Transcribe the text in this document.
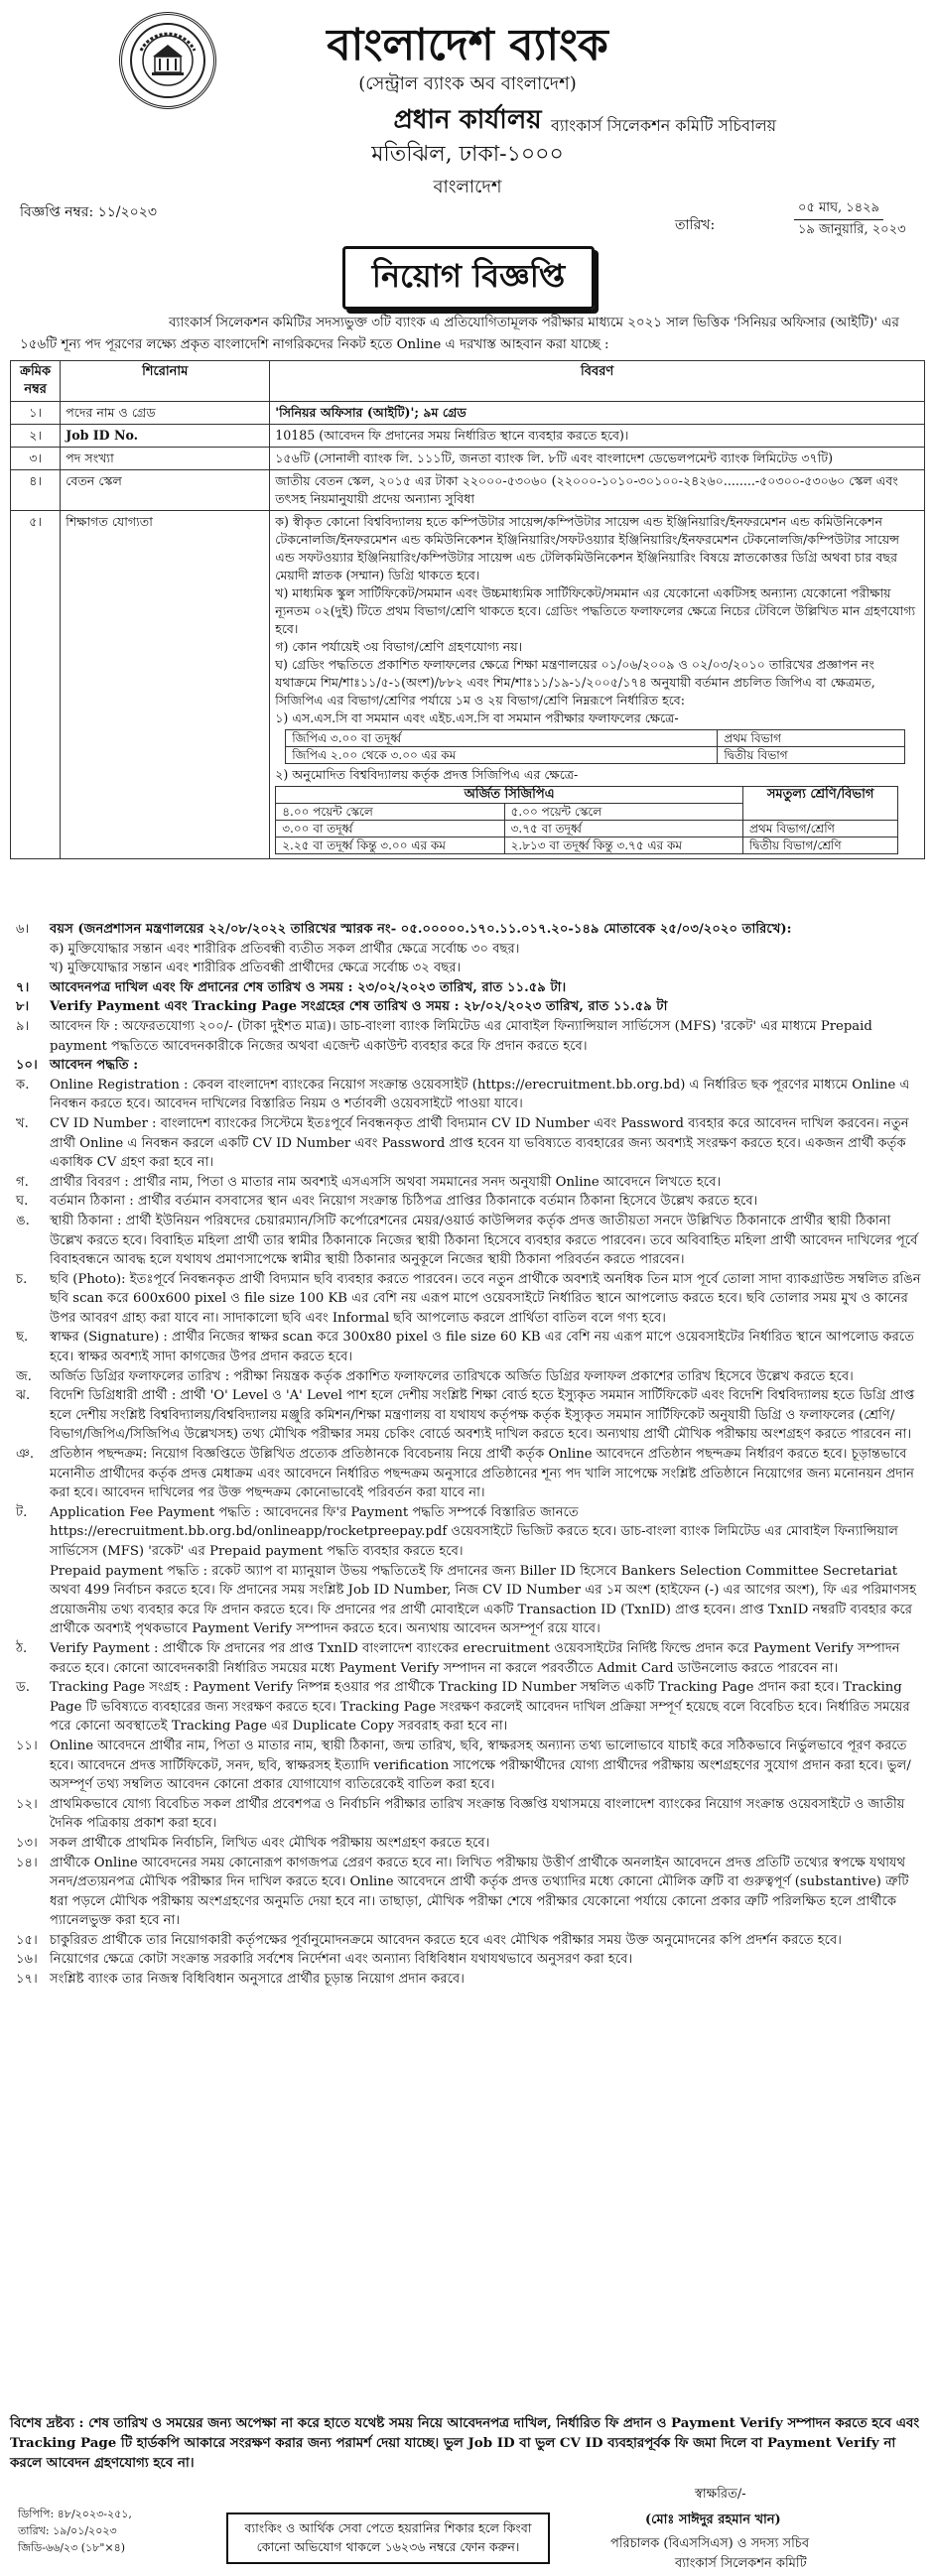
বাংলাদেশ ব্যাংক
(সেন্ট্রাল ব্যাংক অব বাংলাদেশ)
প্রধান কার্যালয়
মতিঝিল, ঢাকা-১০০০
বাংলাদেশ
ব্যাংকার্স সিলেকশন কমিটি সচিবালয়
বিজ্ঞপ্তি নম্বর: ১১/২০২৩
তারিখ:
০৫ মাঘ, ১৪২৯
১৯ জানুয়ারি, ২০২৩
নিয়োগ বিজ্ঞপ্তি
ব্যাংকার্স সিলেকশন কমিটির সদস্যভুক্ত ৩টি ব্যাংক এ প্রতিযোগিতামূলক পরীক্ষার মাধ্যমে ২০২১ সাল ভিত্তিক 'সিনিয়র অফিসার (আইটি)' এর ১৫৬টি শূন্য পদ পূরণের লক্ষ্যে প্রকৃত বাংলাদেশি নাগরিকদের নিকট হতে Online এ দরখাস্ত আহবান করা যাচ্ছে :
ক্রমিক নম্বর	শিরোনাম	বিবরণ
১।	পদের নাম ও গ্রেড	'সিনিয়র অফিসার (আইটি)'; ৯ম গ্রেড
২।	Job ID No.	10185 (আবেদন ফি প্রদানের সময় নির্ধারিত স্থানে ব্যবহার করতে হবে)।
৩।	পদ সংখ্যা	১৫৬টি (সোনালী ব্যাংক লি. ১১১টি, জনতা ব্যাংক লি. ৮টি এবং বাংলাদেশ ডেভেলপমেন্ট ব্যাংক লিমিটেড ৩৭টি)
৪।	বেতন স্কেল	জাতীয় বেতন স্কেল, ২০১৫ এর টাকা ২২০০০-৫৩০৬০ (২২০০০-১০১০-৩০১০০-২৪২৬০........-৫০৩০০-৫৩০৬০ স্কেল এবং তৎসহ নিয়মানুযায়ী প্রদেয় অন্যান্য সুবিধা
৫।	শিক্ষাগত যোগ্যতা	ক) স্বীকৃত কোনো বিশ্ববিদ্যালয় হতে কম্পিউটার সায়েন্স/কম্পিউটার সায়েন্স এন্ড ইঞ্জিনিয়ারিং/ইনফরমেশন এন্ড কমিউনিকেশন টেকনোলজি/ইনফরমেশন এন্ড কমিউনিকেশন ইঞ্জিনিয়ারিং/সফটওয়্যার ইঞ্জিনিয়ারিং/ইনফরমেশন টেকনোলজি/কম্পিউটার সায়েন্স এন্ড সফটওয়্যার ইঞ্জিনিয়ারিং/কম্পিউটার সায়েন্স এন্ড টেলিকমিউনিকেশন ইঞ্জিনিয়ারিং বিষয়ে স্নাতকোত্তর ডিগ্রি অথবা চার বছর মেয়াদী স্নাতক (সম্মান) ডিগ্রি থাকতে হবে।
খ) মাধ্যমিক স্কুল সার্টিফিকেট/সমমান এবং উচ্চমাধ্যমিক সার্টিফিকেট/সমমান এর যেকোনো একটিসহ অন্যান্য যেকোনো পরীক্ষায় ন্যূনতম ০২(দুই) টিতে প্রথম বিভাগ/শ্রেণি থাকতে হবে। গ্রেডিং পদ্ধতিতে ফলাফলের ক্ষেত্রে নিচের টেবিলে উল্লিখিত মান গ্রহণযোগ্য হবে।
গ) কোন পর্যায়েই ৩য় বিভাগ/শ্রেণি গ্রহণযোগ্য নয়।
ঘ) গ্রেডিং পদ্ধতিতে প্রকাশিত ফলাফলের ক্ষেত্রে শিক্ষা মন্ত্রণালয়ের ০১/০৬/২০০৯ ও ০২/০৩/২০১০ তারিখের প্রজ্ঞাপন নং যথাক্রমে শিম/শাঃ১১/৫-১(অংশ)/৮৮২ এবং শিম/শাঃ১১/১৯-১/২০০৫/১৭৪ অনুযায়ী বর্তমান প্রচলিত জিপিএ বা ক্ষেত্রমত, সিজিপিএ এর বিভাগ/শ্রেণির পর্যায়ে ১ম ও ২য় বিভাগ/শ্রেণি নিম্নরূপে নির্ধারিত হবে:
১) এস.এস.সি বা সমমান এবং এইচ.এস.সি বা সমমান পরীক্ষার ফলাফলের ক্ষেত্রে-
জিপিএ ৩.০০ বা তদূর্ধ্ব	প্রথম বিভাগ
জিপিএ ২.০০ থেকে ৩.০০ এর কম	দ্বিতীয় বিভাগ
২) অনুমোদিত বিশ্ববিদ্যালয় কর্তৃক প্রদত্ত সিজিপিএ এর ক্ষেত্রে-
অর্জিত সিজিপিএ	সমতুল্য শ্রেণি/বিভাগ
৪.০০ পয়েন্ট স্কেলে	৫.০০ পয়েন্ট স্কেলে
৩.০০ বা তদূর্ধ্ব	৩.৭৫ বা তদূর্ধ্ব	প্রথম বিভাগ/শ্রেণি
২.২৫ বা তদূর্ধ্ব কিন্তু ৩.০০ এর কম	২.৮১৩ বা তদূর্ধ্ব কিন্তু ৩.৭৫ এর কম	দ্বিতীয় বিভাগ/শ্রেণি
৬। বয়স (জনপ্রশাসন মন্ত্রণালয়ের ২২/০৮/২০২২ তারিখের স্মারক নং- ০৫.০০০০০.১৭০.১১.০১৭.২০-১৪৯ মোতাবেক ২৫/০৩/২০২০ তারিখে):
ক) মুক্তিযোদ্ধার সন্তান এবং শারীরিক প্রতিবন্ধী ব্যতীত সকল প্রার্থীর ক্ষেত্রে সর্বোচ্চ ৩০ বছর।
খ) মুক্তিযোদ্ধার সন্তান এবং শারীরিক প্রতিবন্ধী প্রার্থীদের ক্ষেত্রে সর্বোচ্চ ৩২ বছর।
৭। আবেদনপত্র দাখিল এবং ফি প্রদানের শেষ তারিখ ও সময় : ২৩/০২/২০২৩ তারিখ, রাত ১১.৫৯ টা।
৮। Verify Payment এবং Tracking Page সংগ্রহের শেষ তারিখ ও সময় : ২৮/০২/২০২৩ তারিখ, রাত ১১.৫৯ টা
৯। আবেদন ফি : অফেরতযোগ্য ২০০/- (টাকা দুইশত মাত্র)। ডাচ-বাংলা ব্যাংক লিমিটেড এর মোবাইল ফিন্যান্সিয়াল সার্ভিসেস (MFS) 'রকেট' এর মাধ্যমে Prepaid payment পদ্ধতিতে আবেদনকারীকে নিজের অথবা এজেন্ট একাউন্ট ব্যবহার করে ফি প্রদান করতে হবে।
১০। আবেদন পদ্ধতি :
ক. Online Registration : কেবল বাংলাদেশ ব্যাংকের নিয়োগ সংক্রান্ত ওয়েবসাইট (https://erecruitment.bb.org.bd) এ নির্ধারিত ছক পূরণের মাধ্যমে Online এ নিবন্ধন করতে হবে। আবেদন দাখিলের বিস্তারিত নিয়ম ও শর্তাবলী ওয়েবসাইটে পাওয়া যাবে।
খ. CV ID Number : বাংলাদেশ ব্যাংকের সিস্টেমে ইতঃপূর্বে নিবন্ধনকৃত প্রার্থী বিদ্যমান CV ID Number এবং Password ব্যবহার করে আবেদন দাখিল করবেন। নতুন প্রার্থী Online এ নিবন্ধন করলে একটি CV ID Number এবং Password প্রাপ্ত হবেন যা ভবিষ্যতে ব্যবহারের জন্য অবশ্যই সংরক্ষণ করতে হবে। একজন প্রার্থী কর্তৃক একাধিক CV গ্রহণ করা হবে না।
গ. প্রার্থীর বিবরণ : প্রার্থীর নাম, পিতা ও মাতার নাম অবশ্যই এসএসসি অথবা সমমানের সনদ অনুযায়ী Online আবেদনে লিখতে হবে।
ঘ. বর্তমান ঠিকানা : প্রার্থীর বর্তমান বসবাসের স্থান এবং নিয়োগ সংক্রান্ত চিঠিপত্র প্রাপ্তির ঠিকানাকে বর্তমান ঠিকানা হিসেবে উল্লেখ করতে হবে।
ঙ. স্থায়ী ঠিকানা : প্রার্থী ইউনিয়ন পরিষদের চেয়ারম্যান/সিটি কর্পোরেশনের মেয়র/ওয়ার্ড কাউন্সিলর কর্তৃক প্রদত্ত জাতীয়তা সনদে উল্লিখিত ঠিকানাকে প্রার্থীর স্থায়ী ঠিকানা উল্লেখ করতে হবে। বিবাহিত মহিলা প্রার্থী তার স্বামীর ঠিকানাকে নিজের স্থায়ী ঠিকানা হিসেবে ব্যবহার করতে পারবেন। তবে অবিবাহিত মহিলা প্রার্থী আবেদন দাখিলের পূর্বে বিবাহবন্ধনে আবদ্ধ হলে যথাযথ প্রমাণসাপেক্ষে স্বামীর স্থায়ী ঠিকানার অনুকূলে নিজের স্থায়ী ঠিকানা পরিবর্তন করতে পারবেন।
চ. ছবি (Photo): ইতঃপূর্বে নিবন্ধনকৃত প্রার্থী বিদ্যমান ছবি ব্যবহার করতে পারবেন। তবে নতুন প্রার্থীকে অবশ্যই অনধিক তিন মাস পূর্বে তোলা সাদা ব্যাকগ্রাউন্ড সম্বলিত রঙিন ছবি scan করে 600x600 pixel ও file size 100 KB এর বেশি নয় এরূপ মাপে ওয়েবসাইটে নির্ধারিত স্থানে আপলোড করতে হবে। ছবি তোলার সময় মুখ ও কানের উপর আবরণ গ্রাহ্য করা যাবে না। সাদাকালো ছবি এবং Informal ছবি আপলোড করলে প্রার্থিতা বাতিল বলে গণ্য হবে।
ছ. স্বাক্ষর (Signature) : প্রার্থীর নিজের স্বাক্ষর scan করে 300x80 pixel ও file size 60 KB এর বেশি নয় এরূপ মাপে ওয়েবসাইটের নির্ধারিত স্থানে আপলোড করতে হবে। স্বাক্ষর অবশ্যই সাদা কাগজের উপর প্রদান করতে হবে।
জ. অর্জিত ডিগ্রির ফলাফলের তারিখ : পরীক্ষা নিয়ন্ত্রক কর্তৃক প্রকাশিত ফলাফলের তারিখকে অর্জিত ডিগ্রির ফলাফল প্রকাশের তারিখ হিসেবে উল্লেখ করতে হবে।
ঝ. বিদেশি ডিগ্রিধারী প্রার্থী : প্রার্থী 'O' Level ও 'A' Level পাশ হলে দেশীয় সংশ্লিষ্ট শিক্ষা বোর্ড হতে ইস্যুকৃত সমমান সার্টিফিকেট এবং বিদেশি বিশ্ববিদ্যালয় হতে ডিগ্রি প্রাপ্ত হলে দেশীয় সংশ্লিষ্ট বিশ্ববিদ্যালয়/বিশ্ববিদ্যালয় মঞ্জুরি কমিশন/শিক্ষা মন্ত্রণালয় বা যথাযথ কর্তৃপক্ষ কর্তৃক ইস্যুকৃত সমমান সার্টিফিকেট অনুযায়ী ডিগ্রি ও ফলাফলের (শ্রেণি/বিভাগ/জিপিএ/সিজিপিএ উল্লেখসহ) তথ্য মৌখিক পরীক্ষার সময় চেকিং বোর্ডে অবশ্যই দাখিল করতে হবে। অন্যথায় প্রার্থী মৌখিক পরীক্ষায় অংশগ্রহণ করতে পারবেন না।
ঞ. প্রতিষ্ঠান পছন্দক্রম: নিয়োগ বিজ্ঞপ্তিতে উল্লিখিত প্রত্যেক প্রতিষ্ঠানকে বিবেচনায় নিয়ে প্রার্থী কর্তৃক Online আবেদনে প্রতিষ্ঠান পছন্দক্রম নির্ধারণ করতে হবে। চূড়ান্তভাবে মনোনীত প্রার্থীদের কর্তৃক প্রদত্ত মেধাক্রম এবং আবেদনে নির্ধারিত পছন্দক্রম অনুসারে প্রতিষ্ঠানের শূন্য পদ খালি সাপেক্ষে সংশ্লিষ্ট প্রতিষ্ঠানে নিয়োগের জন্য মনোনয়ন প্রদান করা হবে। আবেদন দাখিলের পর উক্ত পছন্দক্রম কোনোভাবেই পরিবর্তন করা যাবে না।
ট. Application Fee Payment পদ্ধতি : আবেদনের ফি'র Payment পদ্ধতি সম্পর্কে বিস্তারিত জানতে https://erecruitment.bb.org.bd/onlineapp/rocketpreepay.pdf ওয়েবসাইটে ভিজিট করতে হবে। ডাচ-বাংলা ব্যাংক লিমিটেড এর মোবাইল ফিন্যান্সিয়াল সার্ভিসেস (MFS) 'রকেট' এর Prepaid payment পদ্ধতি ব্যবহার করতে হবে।
Prepaid payment পদ্ধতি : রকেট অ্যাপ বা ম্যানুয়াল উভয় পদ্ধতিতেই ফি প্রদানের জন্য Biller ID হিসেবে Bankers Selection Committee Secretariat অথবা 499 নির্বাচন করতে হবে। ফি প্রদানের সময় সংশ্লিষ্ট Job ID Number, নিজ CV ID Number এর ১ম অংশ (হাইফেন (-) এর আগের অংশ), ফি এর পরিমাণসহ প্রয়োজনীয় তথ্য ব্যবহার করে ফি প্রদান করতে হবে। ফি প্রদানের পর প্রার্থী মোবাইলে একটি Transaction ID (TxnID) প্রাপ্ত হবেন। প্রাপ্ত TxnID নম্বরটি ব্যবহার করে প্রার্থীকে অবশ্যই পৃথকভাবে Payment Verify সম্পাদন করতে হবে। অন্যথায় আবেদন অসম্পূর্ণ রয়ে যাবে।
ঠ. Verify Payment : প্রার্থীকে ফি প্রদানের পর প্রাপ্ত TxnID বাংলাদেশ ব্যাংকের erecruitment ওয়েবসাইটের নির্দিষ্ট ফিল্ডে প্রদান করে Payment Verify সম্পাদন করতে হবে। কোনো আবেদনকারী নির্ধারিত সময়ের মধ্যে Payment Verify সম্পাদন না করলে পরবর্তীতে Admit Card ডাউনলোড করতে পারবেন না।
ড. Tracking Page সংগ্রহ : Payment Verify নিষ্পন্ন হওয়ার পর প্রার্থীকে Tracking ID Number সম্বলিত একটি Tracking Page প্রদান করা হবে। Tracking Page টি ভবিষ্যতে ব্যবহারের জন্য সংরক্ষণ করতে হবে। Tracking Page সংরক্ষণ করলেই আবেদন দাখিল প্রক্রিয়া সম্পূর্ণ হয়েছে বলে বিবেচিত হবে। নির্ধারিত সময়ের পরে কোনো অবস্থাতেই Tracking Page এর Duplicate Copy সরবরাহ করা হবে না।
১১। Online আবেদনে প্রার্থীর নাম, পিতা ও মাতার নাম, স্থায়ী ঠিকানা, জন্ম তারিখ, ছবি, স্বাক্ষরসহ অন্যান্য তথ্য ভালোভাবে যাচাই করে সঠিকভাবে নির্ভুলভাবে পূরণ করতে হবে। আবেদনে প্রদত্ত সার্টিফিকেট, সনদ, ছবি, স্বাক্ষরসহ ইত্যাদি verification সাপেক্ষে পরীক্ষার্থীদের যোগ্য প্রার্থীদের পরীক্ষায় অংশগ্রহণের সুযোগ প্রদান করা হবে। ভুল/অসম্পূর্ণ তথ্য সম্বলিত আবেদন কোনো প্রকার যোগাযোগ ব্যতিরেকেই বাতিল করা হবে।
১২। প্রাথমিকভাবে যোগ্য বিবেচিত সকল প্রার্থীর প্রবেশপত্র ও নির্বাচনি পরীক্ষার তারিখ সংক্রান্ত বিজ্ঞপ্তি যথাসময়ে বাংলাদেশ ব্যাংকের নিয়োগ সংক্রান্ত ওয়েবসাইটে ও জাতীয় দৈনিক পত্রিকায় প্রকাশ করা হবে।
১৩। সকল প্রার্থীকে প্রাথমিক নির্বাচনি, লিখিত এবং মৌখিক পরীক্ষায় অংশগ্রহণ করতে হবে।
১৪। প্রার্থীকে Online আবেদনের সময় কোনোরূপ কাগজপত্র প্রেরণ করতে হবে না। লিখিত পরীক্ষায় উত্তীর্ণ প্রার্থীকে অনলাইন আবেদনে প্রদত্ত প্রতিটি তথ্যের স্বপক্ষে যথাযথ সনদ/প্রত্যয়নপত্র মৌখিক পরীক্ষার দিন দাখিল করতে হবে। Online আবেদনে প্রার্থী কর্তৃক প্রদত্ত তথ্যাদির মধ্যে কোনো মৌলিক ত্রুটি বা গুরুত্বপূর্ণ (substantive) ত্রুটি ধরা পড়লে মৌখিক পরীক্ষায় অংশগ্রহণের অনুমতি দেয়া হবে না। তাছাড়া, মৌখিক পরীক্ষা শেষে পরীক্ষার যেকোনো পর্যায়ে কোনো প্রকার ত্রুটি পরিলক্ষিত হলে প্রার্থীকে প্যানেলভুক্ত করা হবে না।
১৫। চাকুরিরত প্রার্থীকে তার নিয়োগকারী কর্তৃপক্ষের পূর্বানুমোদনক্রমে আবেদন করতে হবে এবং মৌখিক পরীক্ষার সময় উক্ত অনুমোদনের কপি প্রদর্শন করতে হবে।
১৬। নিয়োগের ক্ষেত্রে কোটা সংক্রান্ত সরকারি সর্বশেষ নির্দেশনা এবং অন্যান্য বিধিবিধান যথাযথভাবে অনুসরণ করা হবে।
১৭। সংশ্লিষ্ট ব্যাংক তার নিজস্ব বিধিবিধান অনুসারে প্রার্থীর চূড়ান্ত নিয়োগ প্রদান করবে।
বিশেষ দ্রষ্টব্য : শেষ তারিখ ও সময়ের জন্য অপেক্ষা না করে হাতে যথেষ্ট সময় নিয়ে আবেদনপত্র দাখিল, নির্ধারিত ফি প্রদান ও Payment Verify সম্পাদন করতে হবে এবং Tracking Page টি হার্ডকপি আকারে সংরক্ষণ করার জন্য পরামর্শ দেয়া যাচ্ছে। ভুল Job ID বা ভুল CV ID ব্যবহারপূর্বক ফি জমা দিলে বা Payment Verify না করলে আবেদন গ্রহণযোগ্য হবে না।
স্বাক্ষরিত/-
(মোঃ সাঈদুর রহমান খান)
পরিচালক (বিএসসিএস) ও সদস্য সচিব
ব্যাংকার্স সিলেকশন কমিটি
ডিপিপি: ৪৮/২০২৩-২৫১,
তারিখ: ১৯/০১/২০২৩
জিডি-৬৬/২৩ (১৮"×৪)
ব্যাংকিং ও আর্থিক সেবা পেতে হয়রানির শিকার হলে কিংবা কোনো অভিযোগ থাকলে ১৬২৩৬ নম্বরে ফোন করুন।
